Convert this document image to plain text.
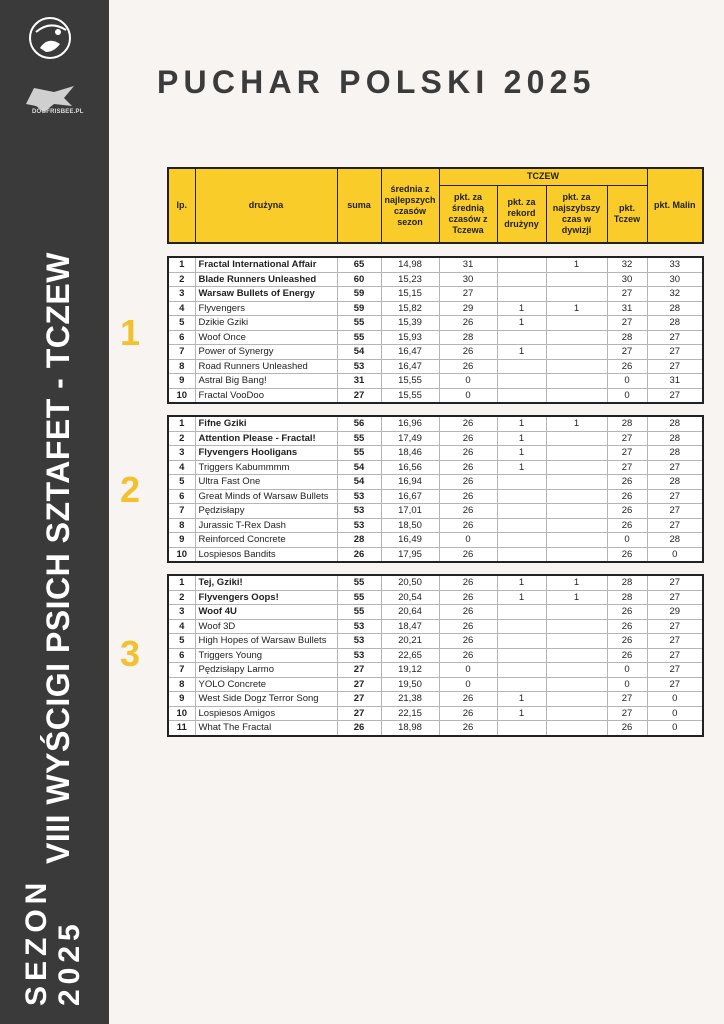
DOGFRISBEE.PL
VIII WYŚCIGI PSICH SZTAFET - TCZEW
SEZON
2025
PUCHAR POLSKI 2025
1
2
3
lp.	drużyna	suma	średnia z najlepszych czasów sezon	TCZEW				pkt. Malin
				pkt. za średnią czasów z Tczewa	pkt. za rekord drużyny	pkt. za najszybszy czas w dywizji	pkt. Tczew	
1	Fractal International Affair	65	14,98	31		1	32	33
2	Blade Runners Unleashed	60	15,23	30			30	30
3	Warsaw Bullets of Energy	59	15,15	27			27	32
4	Flyvengers	59	15,82	29	1	1	31	28
5	Dzikie Gziki	55	15,39	26	1		27	28
6	Woof Once	55	15,93	28			28	27
7	Power of Synergy	54	16,47	26	1		27	27
8	Road Runners Unleashed	53	16,47	26			26	27
9	Astral Big Bang!	31	15,55	0			0	31
10	Fractal VooDoo	27	15,55	0			0	27
1	Fifne Gziki	56	16,96	26	1	1	28	28
2	Attention Please - Fractal!	55	17,49	26	1		27	28
3	Flyvengers Hooligans	55	18,46	26	1		27	28
4	Triggers Kabummmm	54	16,56	26	1		27	27
5	Ultra Fast One	54	16,94	26			26	28
6	Great Minds of Warsaw Bullets	53	16,67	26			26	27
7	Pędzisłapy	53	17,01	26			26	27
8	Jurassic T-Rex Dash	53	18,50	26			26	27
9	Reinforced Concrete	28	16,49	0			0	28
10	Lospiesos Bandits	26	17,95	26			26	0
1	Tej, Gziki!	55	20,50	26	1	1	28	27
2	Flyvengers Oops!	55	20,54	26	1	1	28	27
3	Woof 4U	55	20,64	26			26	29
4	Woof 3D	53	18,47	26			26	27
5	High Hopes of Warsaw Bullets	53	20,21	26			26	27
6	Triggers Young	53	22,65	26			26	27
7	Pędzisłapy Larmo	27	19,12	0			0	27
8	YOLO Concrete	27	19,50	0			0	27
9	West Side Dogz Terror Song	27	21,38	26	1		27	0
10	Lospiesos Amigos	27	22,15	26	1		27	0
11	What The Fractal	26	18,98	26			26	0
